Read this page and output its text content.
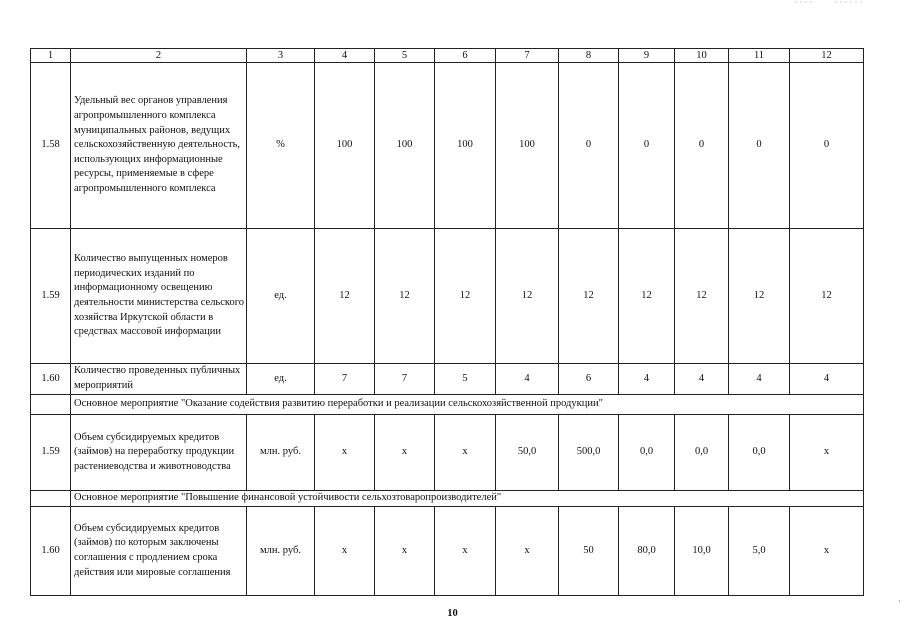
1	2	3	4	5	6	7	8	9	10	11	12
1.58	Удельный вес органов управления агропромышленного комплекса муниципальных районов, ведущих сельскохозяйственную деятельность, использующих информационные ресурсы, применяемые в сфере агропромышленного комплекса	%	100	100	100	100	0	0	0	0	0
1.59	Количество выпущенных номеров периодических изданий по информационному освещению деятельности министерства сельского хозяйства Иркутской области в средствах массовой информации	ед.	12	12	12	12	12	12	12	12	12
1.60	Количество проведенных публичных мероприятий	ед.	7	7	5	4	6	4	4	4	4
	Основное мероприятие "Оказание содействия развитию переработки и реализации сельскохозяйственной продукции"										
1.59	Объем субсидируемых кредитов (займов) на переработку продукции растениеводства и животноводства	млн. руб.	х	х	х	50,0	500,0	0,0	0,0	0,0	х
	Основное мероприятие "Повышение финансовой устойчивости сельхозтоваропроизводителей"										
1.60	Объем субсидируемых кредитов (займов) по которым заключены соглашения с продлением срока действия или мировые соглашения	млн. руб.	х	х	х	х	50	80,0	10,0	5,0	х
10
·
